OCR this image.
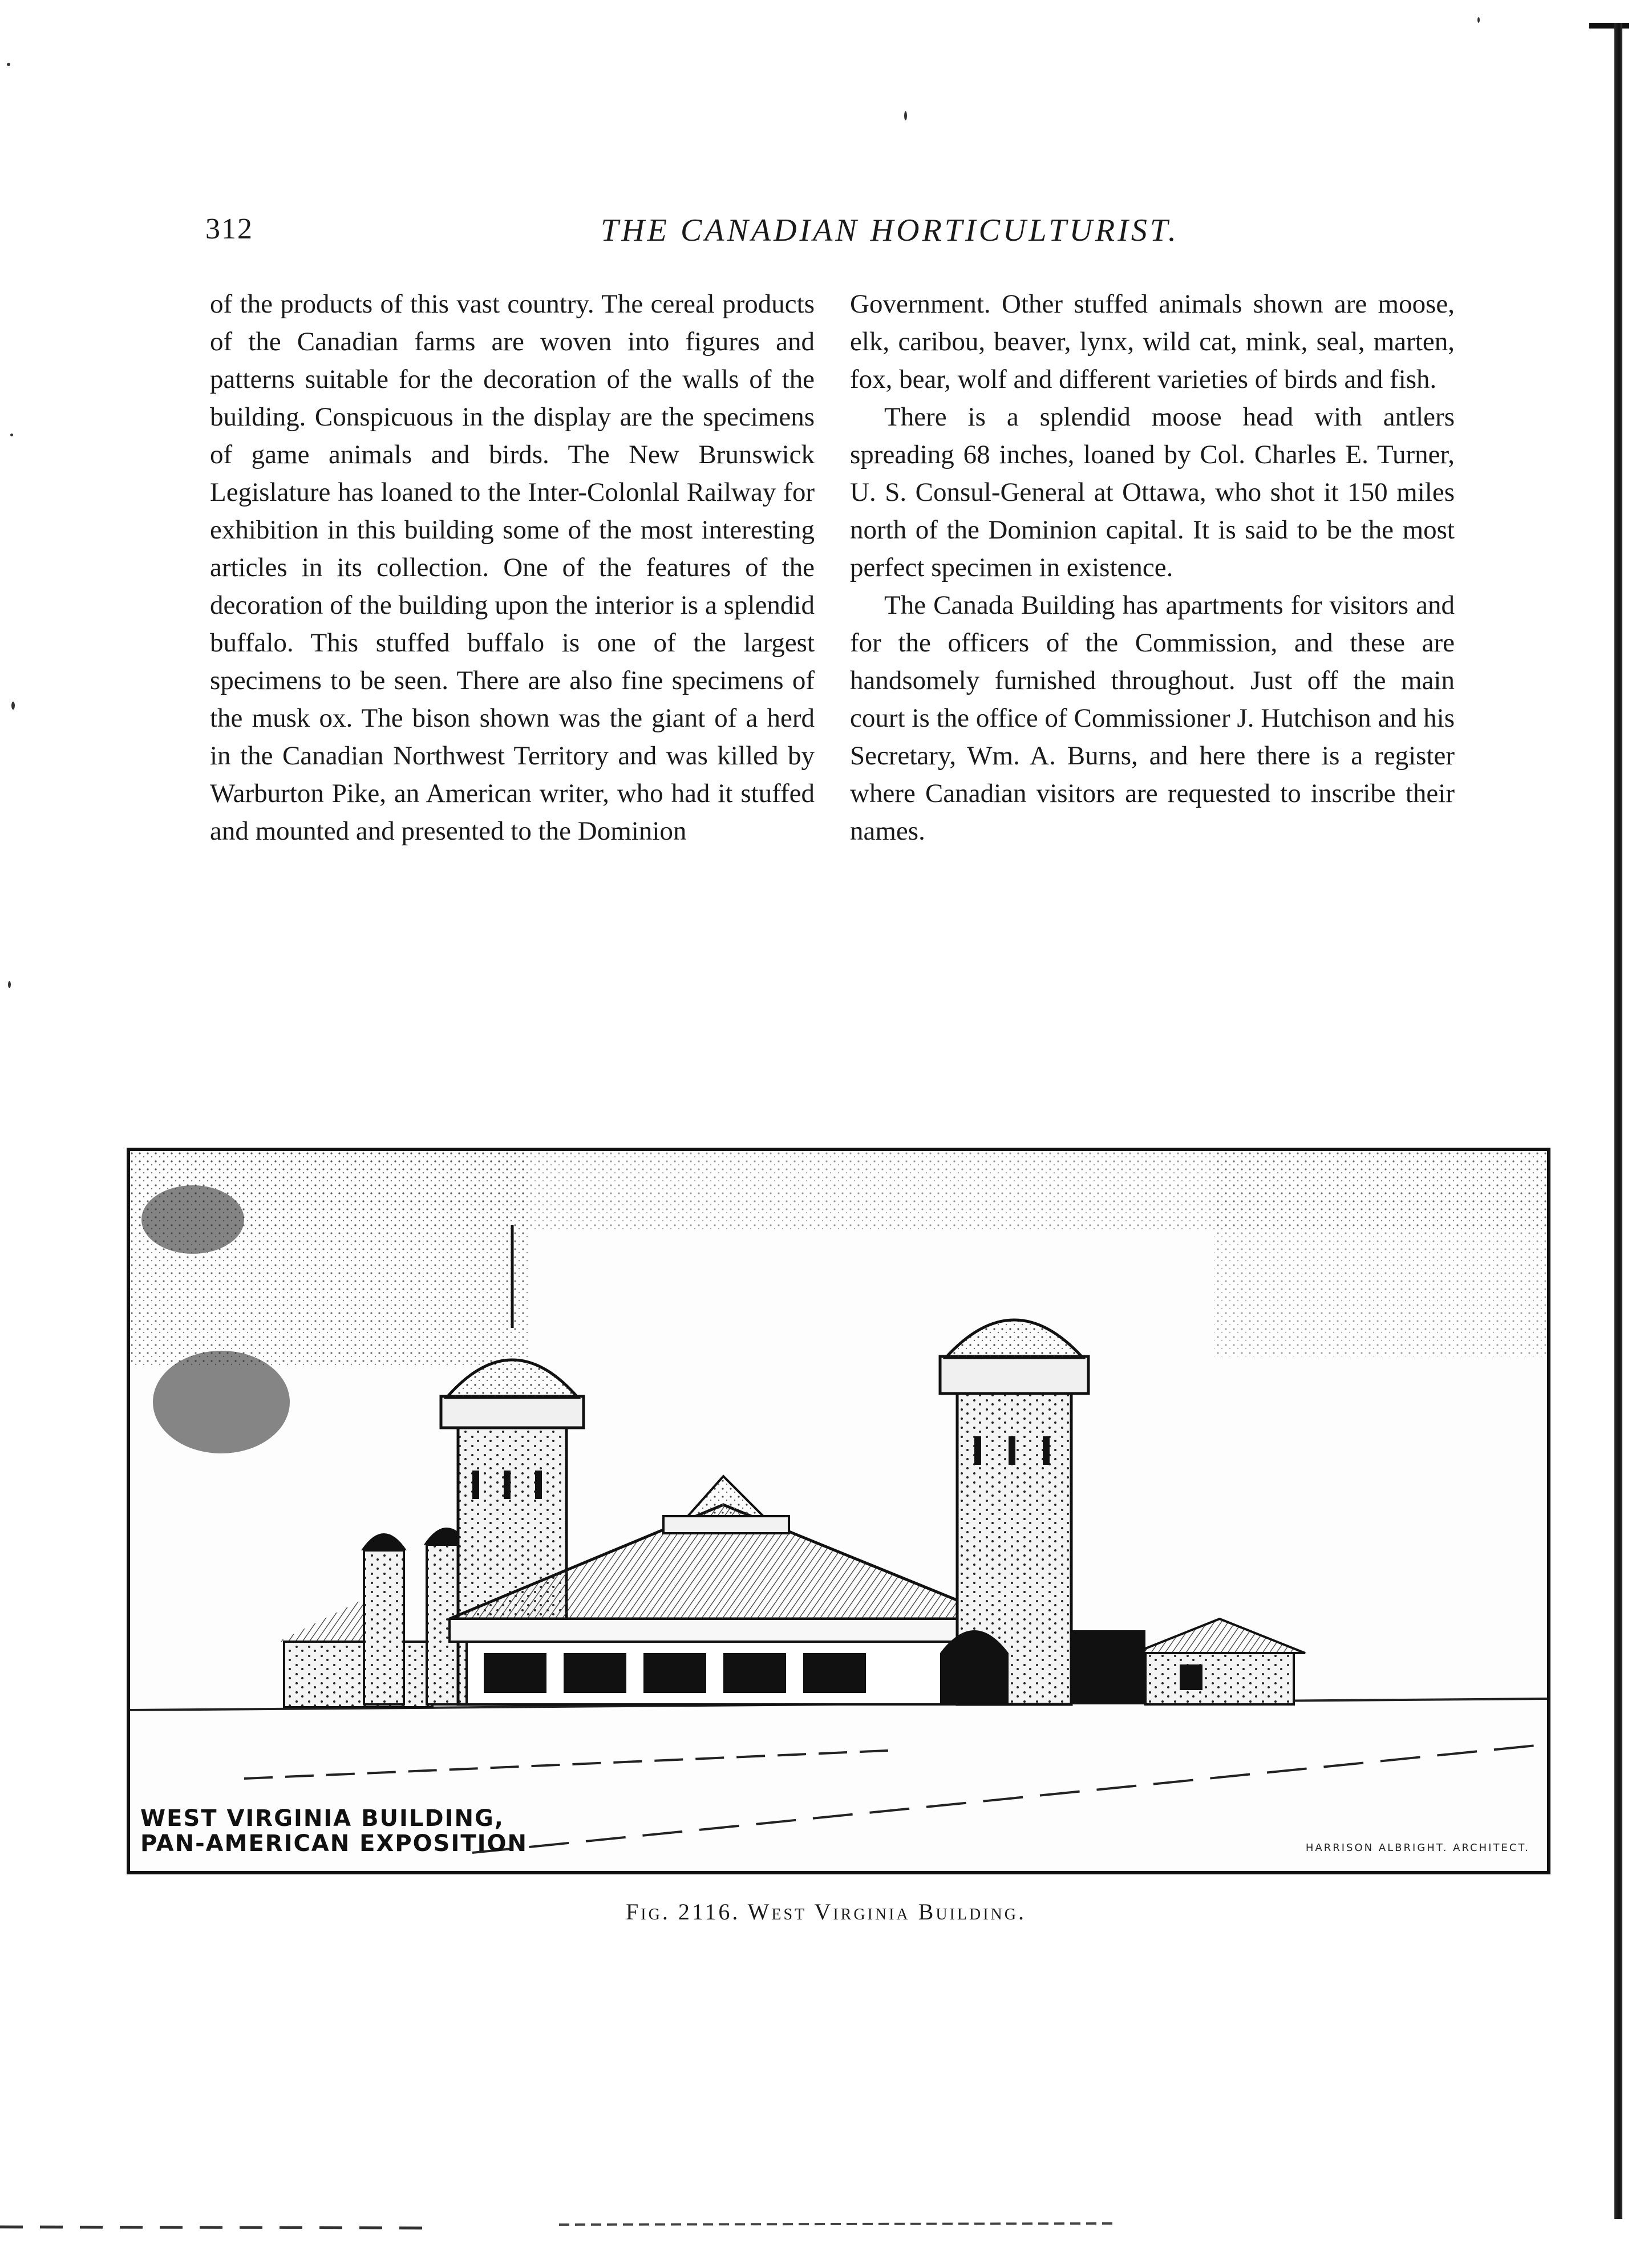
312	THE CANADIAN HORTICULTURIST.

of the products of this vast country. The cereal products of the Canadian farms are woven into figures and patterns suitable for the decoration of the walls of the building. Conspicuous in the display are the specimens of game animals and birds. The New Brunswick Legislature has loaned to the Inter-Colonlal Railway for exhibition in this building some of the most interesting articles in its collection. One of the features of the decoration of the building upon the interior is a splendid buffalo. This stuffed buffalo is one of the largest specimens to be seen. There are also fine specimens of the musk ox. The bison shown was the giant of a herd in the Canadian Northwest Territory and was killed by Warburton Pike, an American writer, who had it stuffed and mounted and presented to the Dominion

Government. Other stuffed animals shown are moose, elk, caribou, beaver, lynx, wild cat, mink, seal, marten, fox, bear, wolf and different varieties of birds and fish.

There is a splendid moose head with antlers spreading 68 inches, loaned by Col. Charles E. Turner, U. S. Consul-General at Ottawa, who shot it 150 miles north of the Dominion capital. It is said to be the most perfect specimen in existence.

The Canada Building has apartments for visitors and for the officers of the Commission, and these are handsomely furnished throughout. Just off the main court is the office of Commissioner J. Hutchison and his Secretary, Wm. A. Burns, and here there is a register where Canadian visitors are requested to inscribe their names.

WEST VIRGINIA BUILDING,
PAN-AMERICAN EXPOSITION	HARRISON ALBRIGHT. ARCHITECT.
Fig. 2116. West Virginia Building.
